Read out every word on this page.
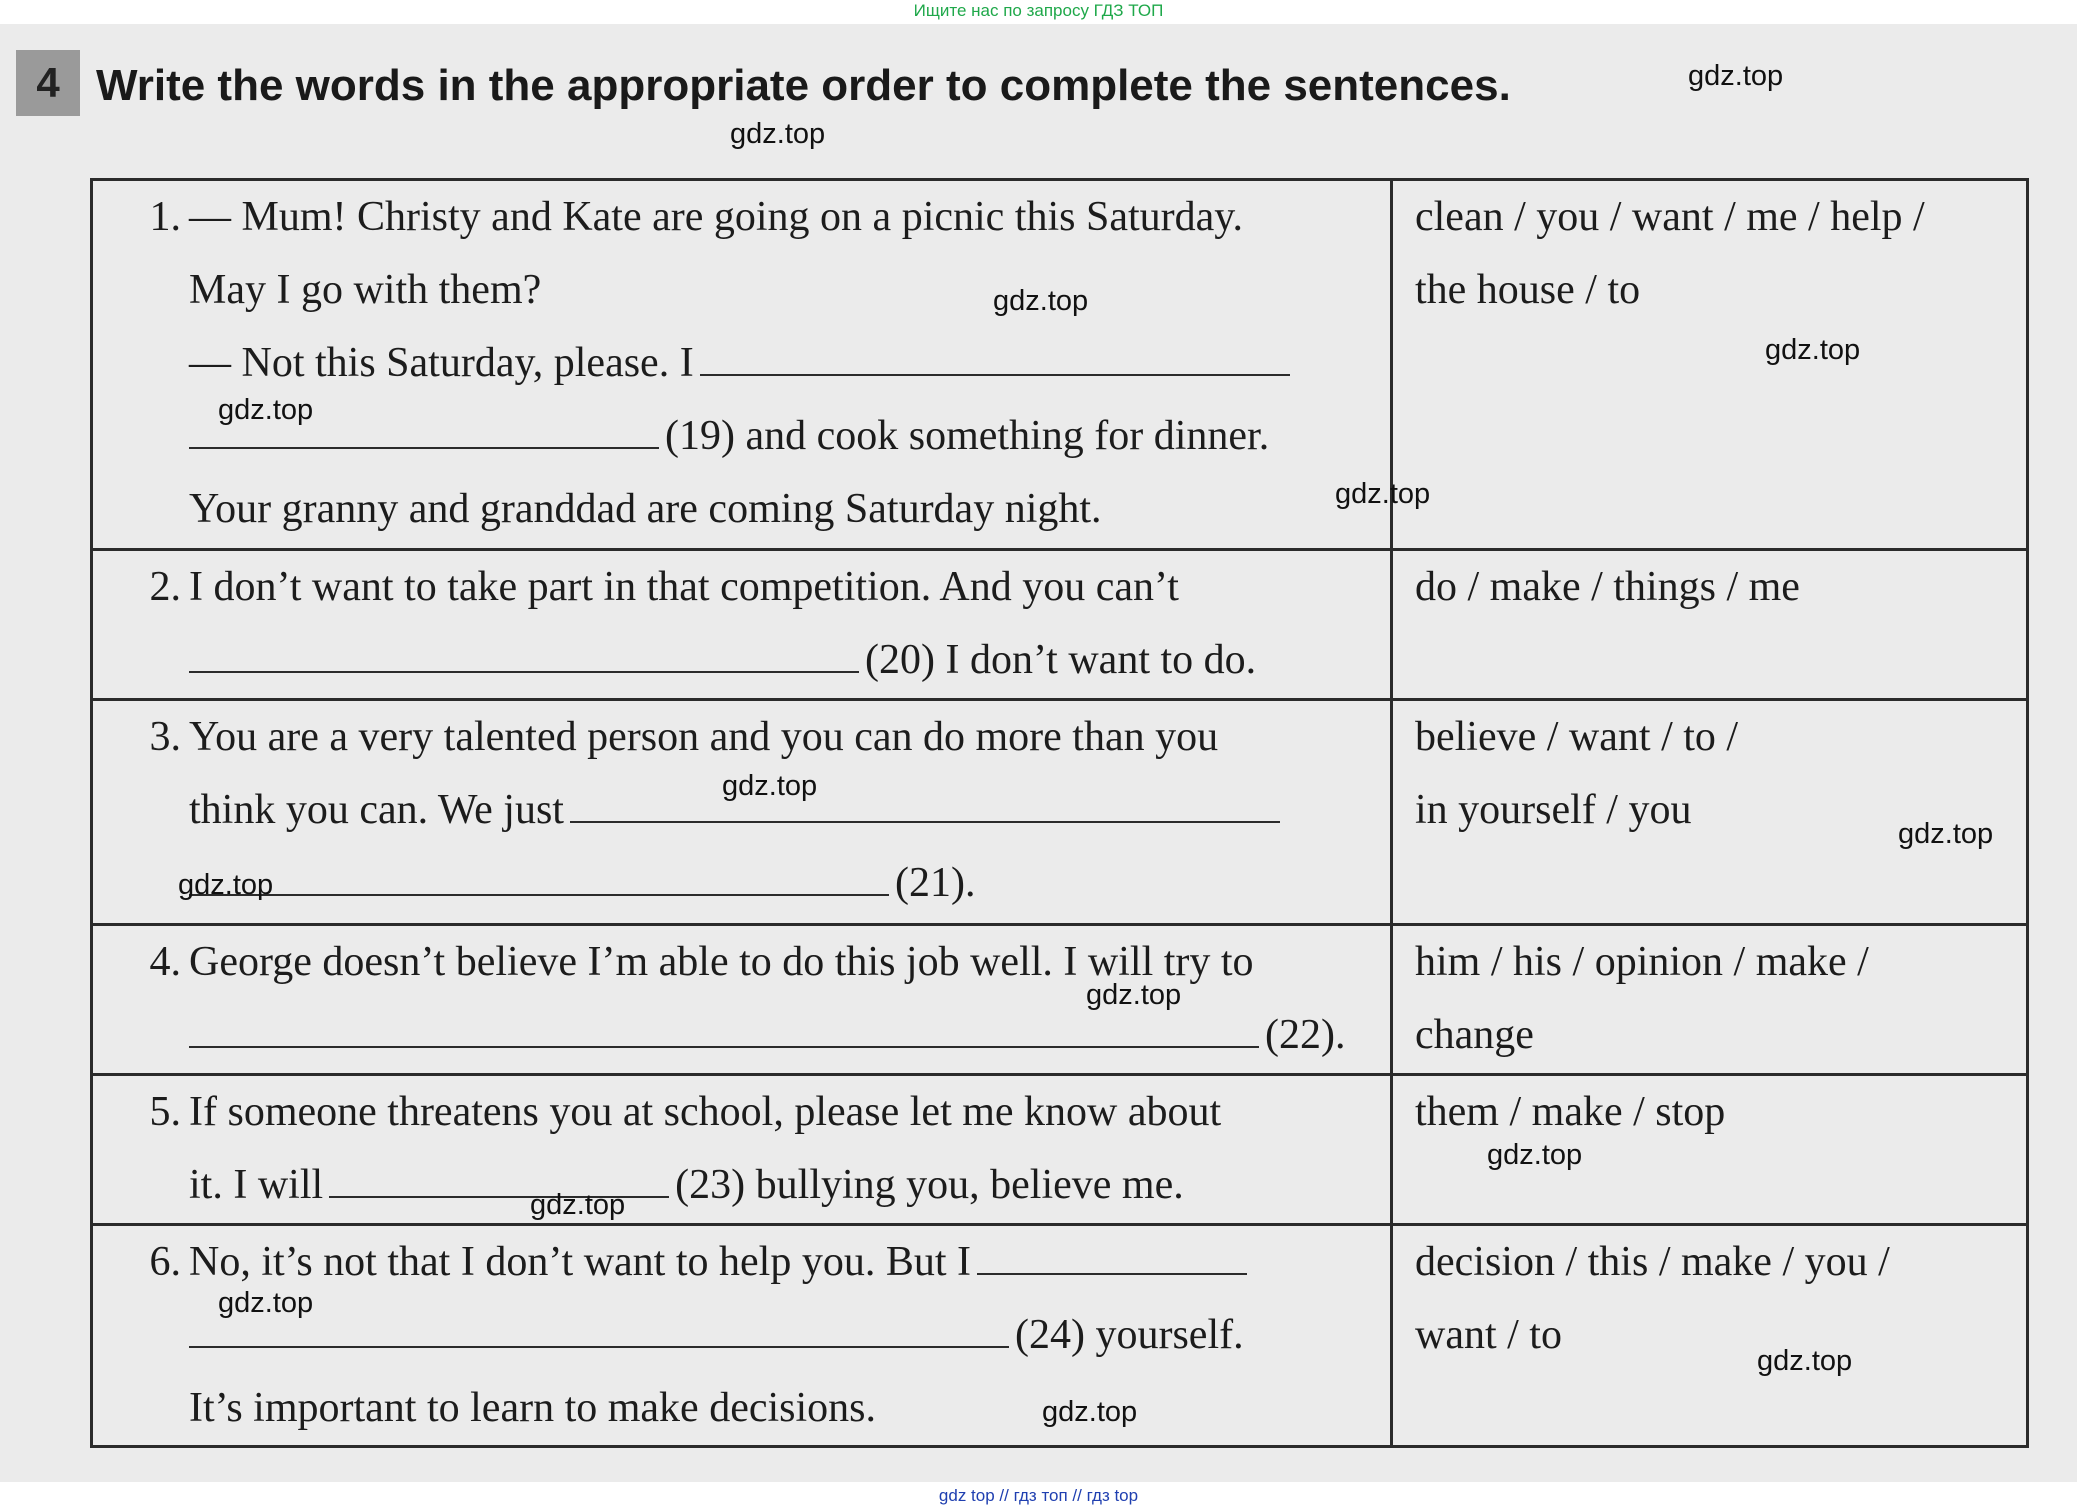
Ищите нас по запросу ГДЗ ТОП
4 Write the words in the appropriate order to complete the sentences.
1. — Mum! Christy and Kate are going on a picnic this Saturday.
May I go with them?
— Not this Saturday, please. I
(19) and cook something for dinner.
Your granny and granddad are coming Saturday night.	clean / you / want / me / help /
the house / to

2. I don’t want to take part in that competition. And you can’t
(20) I don’t want to do.	do / make / things / me

3. You are a very talented person and you can do more than you
think you can. We just
(21).	believe / want / to /
in yourself / you

4. George doesn’t believe I’m able to do this job well. I will try to
(22).	him / his / opinion / make /
change

5. If someone threatens you at school, please let me know about
it. I will (23) bullying you, believe me.	them / make / stop

6. No, it’s not that I don’t want to help you. But I
(24) yourself.
It’s important to learn to make decisions.	decision / this / make / you /
want / to
gdz.top
gdz.top
gdz.top
gdz.top
gdz.top
gdz.top
gdz.top
gdz.top
gdz.top
gdz.top
gdz.top
gdz.top
gdz.top
gdz.top
gdz.top
gdz top // гдз топ // гдз top
